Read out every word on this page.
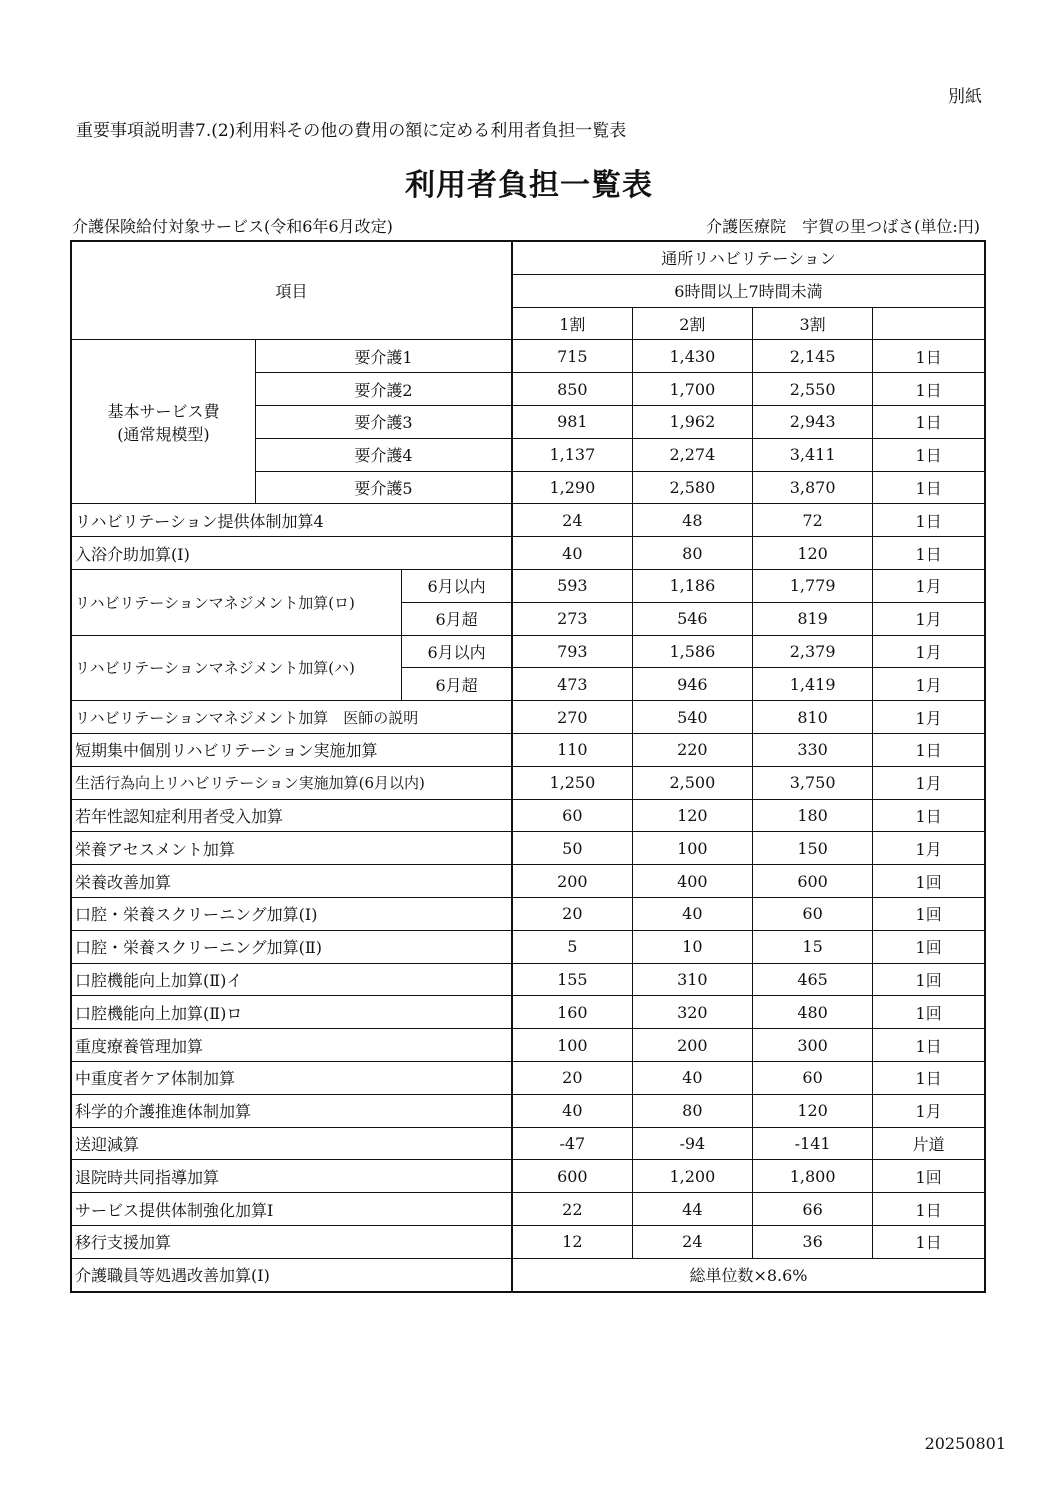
別紙
重要事項説明書7.(2)利用料その他の費用の額に定める利用者負担一覧表
利用者負担一覧表
介護保険給付対象サービス(令和6年6月改定)	介護医療院　宇賀の里つばさ(単位:円)
項目			通所リハビリテーション			
			6時間以上7時間未満			
			1割	2割	3割	

基本サービス費
(通常規模型)	要介護1		715	1,430	2,145	1日
	要介護2		850	1,700	2,550	1日
	要介護3		981	1,962	2,943	1日
	要介護4		1,137	2,274	3,411	1日
	要介護5		1,290	2,580	3,870	1日
リハビリテーション提供体制加算4			24	48	72	1日
入浴介助加算(Ⅰ)			40	80	120	1日
リハビリテーションマネジメント加算(ロ)		6月以内	593	1,186	1,779	1月
		6月超	273	546	819	1月
リハビリテーションマネジメント加算(ハ)		6月以内	793	1,586	2,379	1月
		6月超	473	946	1,419	1月
リハビリテーションマネジメント加算　医師の説明			270	540	810	1月
短期集中個別リハビリテーション実施加算			110	220	330	1日
生活行為向上リハビリテーション実施加算(6月以内)			1,250	2,500	3,750	1月
若年性認知症利用者受入加算			60	120	180	1日
栄養アセスメント加算			50	100	150	1月
栄養改善加算			200	400	600	1回
口腔・栄養スクリーニング加算(Ⅰ)			20	40	60	1回
口腔・栄養スクリーニング加算(Ⅱ)			5	10	15	1回
口腔機能向上加算(Ⅱ)イ			155	310	465	1回
口腔機能向上加算(Ⅱ)ロ			160	320	480	1回
重度療養管理加算			100	200	300	1日
中重度者ケア体制加算			20	40	60	1日
科学的介護推進体制加算			40	80	120	1月
送迎減算			-47	-94	-141	片道
退院時共同指導加算			600	1,200	1,800	1回
サービス提供体制強化加算Ⅰ			22	44	66	1日
移行支援加算			12	24	36	1日
介護職員等処遇改善加算(Ⅰ)			総単位数×8.6%			
20250801
